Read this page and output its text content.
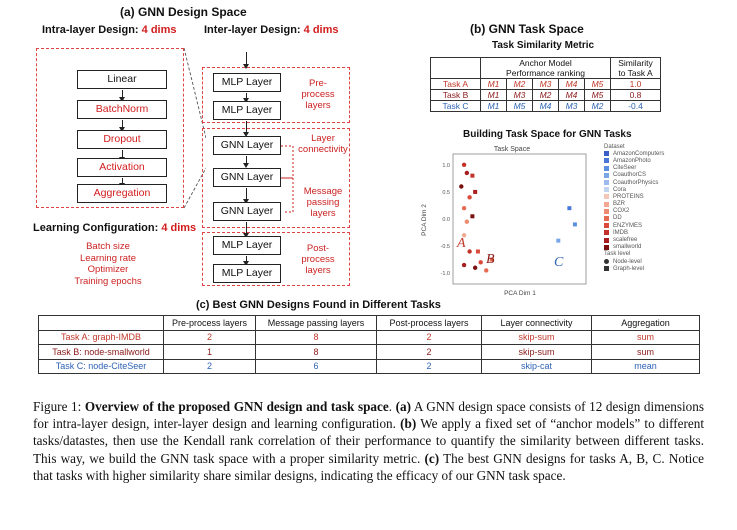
(a) GNN Design Space
Intra-layer Design: 4 dims	Inter-layer Design: 4 dims
Linear
BatchNorm
Dropout
Activation
Aggregation
MLP Layer
MLP Layer
Pre-
process
layers
GNN Layer
GNN Layer
GNN Layer
Layer
connectivity
Message
passing
layers
MLP Layer
MLP Layer
Post-
process
layers
Learning Configuration: 4 dims
Batch size
Learning rate
Optimizer
Training epochs
(b) GNN Task Space
Task Similarity Metric
	Anchor Model
Performance ranking					Similarity
to Task A
Task A	M1	M2	M3	M4	M5	1.0
Task B	M1	M3	M2	M4	M5	0.8
Task C	M1	M5	M4	M3	M2	-0.4
Building Task Space for GNN Tasks
Task Space
1.0
0.5
0.0
-0.5
-1.0
PCA Dim 1
PCA Dim 2
A
B	C
Dataset
AmazonComputers
AmazonPhoto
CiteSeer
CoauthorCS
CoauthorPhysics
Cora
PROTEINS
BZR
COX2
DD
ENZYMES
IMDB
scalefree
smallworld
Task level
Node-level
Graph-level
(c) Best GNN Designs Found in Different Tasks
	Pre-process layers	Message passing layers	Post-process layers	Layer connectivity	Aggregation
Task A: graph-IMDB	2	8	2	skip-sum	sum
Task B: node-smallworld	1	8	2	skip-sum	sum
Task C: node-CiteSeer	2	6	2	skip-cat	mean
Figure 1: Overview of the proposed GNN design and task space. (a) A GNN design space consists of 12 design dimensions for intra-layer design, inter-layer design and learning configuration. (b) We apply a fixed set of “anchor models” to different tasks/datastes, then use the Kendall rank correlation of their performance to quantify the similarity between different tasks. This way, we build the GNN task space with a proper similarity metric. (c) The best GNN designs for tasks A, B, C. Notice that tasks with higher similarity share similar designs, indicating the efficacy of our GNN task space.
